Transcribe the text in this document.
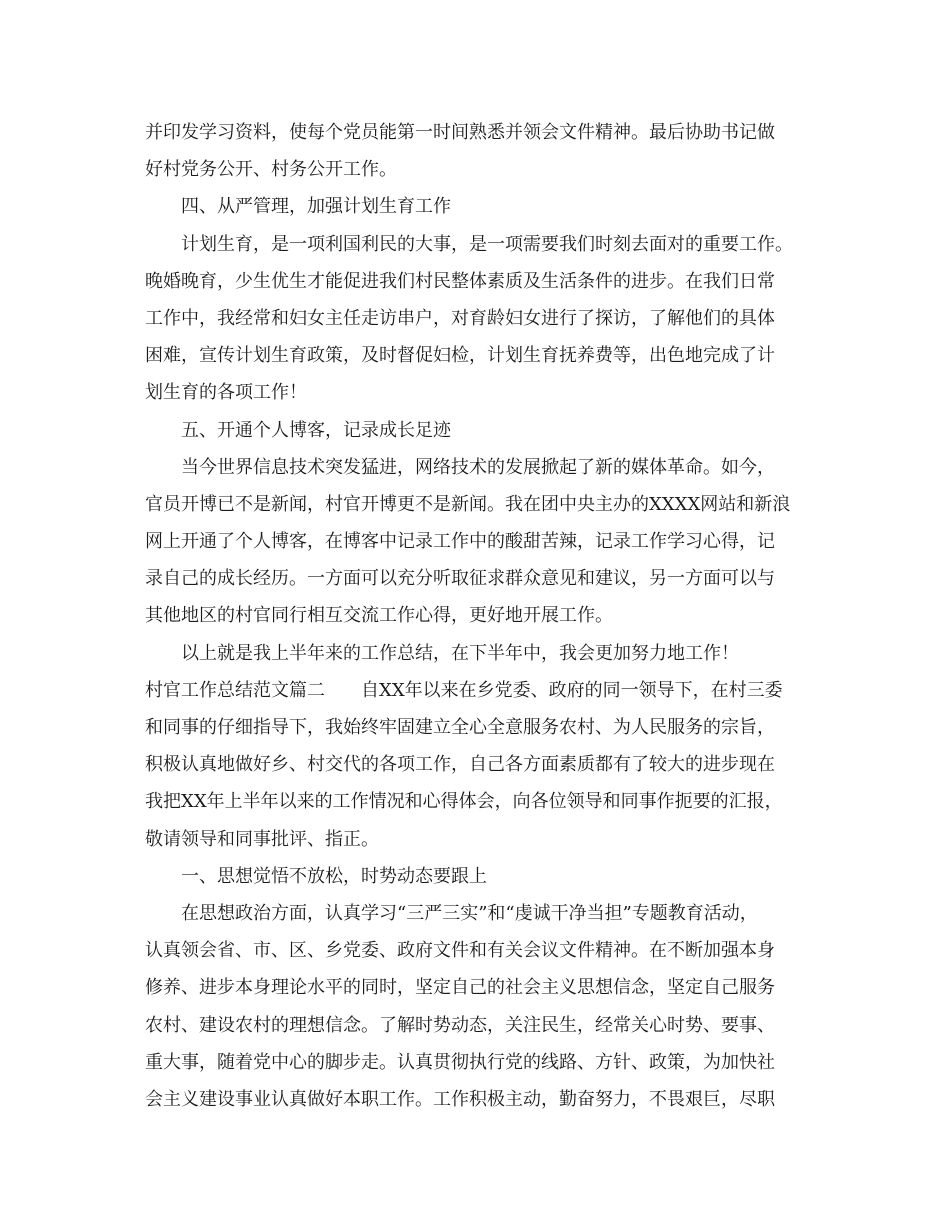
并印发学习资料，使每个党员能第一时间熟悉并领会文件精神。最后协助书记做
好村党务公开、村务公开工作。
四、从严管理，加强计划生育工作
计划生育，是一项利国利民的大事，是一项需要我们时刻去面对的重要工作。
晚婚晚育，少生优生才能促进我们村民整体素质及生活条件的进步。在我们日常
工作中，我经常和妇女主任走访串户，对育龄妇女进行了探访，了解他们的具体
困难，宣传计划生育政策，及时督促妇检，计划生育抚养费等，出色地完成了计
划生育的各项工作！
五、开通个人博客，记录成长足迹
当今世界信息技术突发猛进，网络技术的发展掀起了新的媒体革命。如今，
官员开博已不是新闻，村官开博更不是新闻。我在团中央主办的XXXX网站和新浪
网上开通了个人博客，在博客中记录工作中的酸甜苦辣，记录工作学习心得，记
录自己的成长经历。一方面可以充分听取征求群众意见和建议，另一方面可以与
其他地区的村官同行相互交流工作心得，更好地开展工作。
以上就是我上半年来的工作总结，在下半年中，我会更加努力地工作！
村官工作总结范文篇二 自XX年以来在乡党委、政府的同一领导下，在村三委
和同事的仔细指导下，我始终牢固建立全心全意服务农村、为人民服务的宗旨，
积极认真地做好乡、村交代的各项工作，自己各方面素质都有了较大的进步现在
我把XX年上半年以来的工作情况和心得体会，向各位领导和同事作扼要的汇报，
敬请领导和同事批评、指正。
一、思想觉悟不放松，时势动态要跟上
在思想政治方面，认真学习“三严三实”和“虔诚干净当担”专题教育活动，
认真领会省、市、区、乡党委、政府文件和有关会议文件精神。在不断加强本身
修养、进步本身理论水平的同时，坚定自己的社会主义思想信念，坚定自己服务
农村、建设农村的理想信念。了解时势动态，关注民生，经常关心时势、要事、
重大事，随着党中心的脚步走。认真贯彻执行党的线路、方针、政策，为加快社
会主义建设事业认真做好本职工作。工作积极主动，勤奋努力，不畏艰巨，尽职
